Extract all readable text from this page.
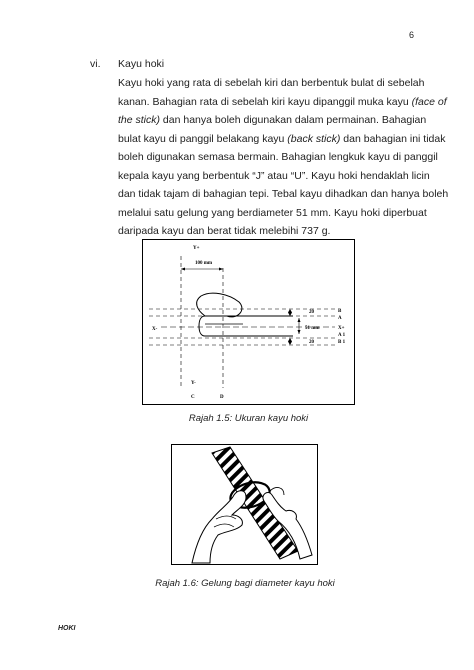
6
vi. Kayu hoki

Kayu hoki yang rata di sebelah kiri dan berbentuk bulat di sebelah
kanan. Bahagian rata di sebelah kiri kayu dipanggil muka kayu (face of
the stick) dan hanya boleh digunakan dalam permainan. Bahagian
bulat kayu di panggil belakang kayu (back stick) dan bahagian ini tidak
boleh digunakan semasa bermain. Bahagian lengkuk kayu di panggil
kepala kayu yang berbentuk “J” atau “U”. Kayu hoki hendaklah licin
dan tidak tajam di bahagian tepi. Tebal kayu dihadkan dan hanya boleh
melalui satu gelung yang berdiameter 51 mm. Kayu hoki diperbuat
daripada kayu dan berat tidak melebihi 737 g.

Y+
100 mm
X-
20
51 mm
20
B
A
X+
A 1
B 1
Y-
C	D
Rajah 1.5: Ukuran kayu hoki
Rajah 1.6: Gelung bagi diameter kayu hoki
HOKI
